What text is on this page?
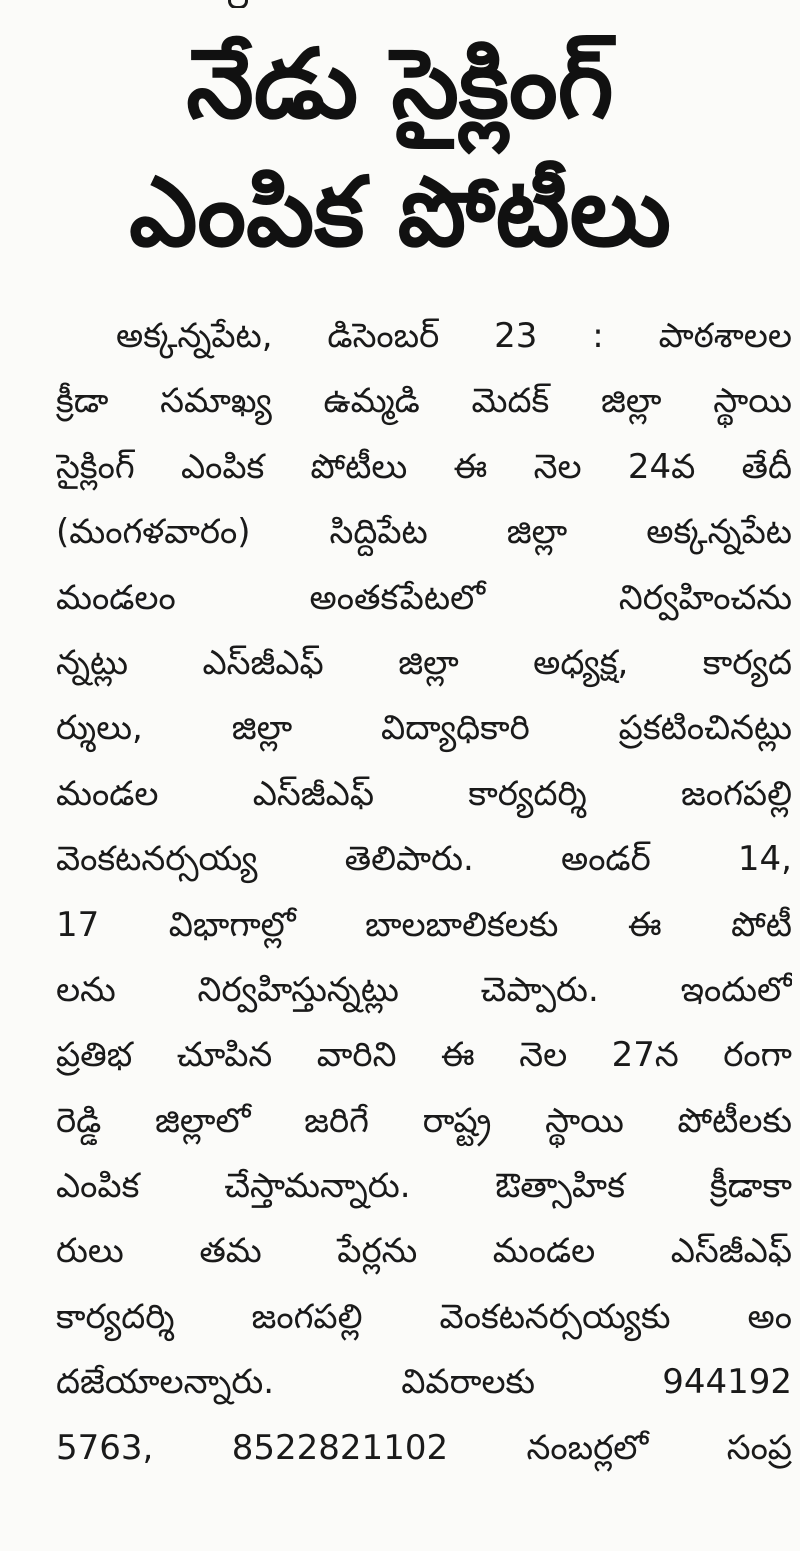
నేడు సైక్లింగ్
ఎంపిక పోటీలు
అక్కన్నపేట, డిసెంబర్ 23 : పాఠశాలల
క్రీడా సమాఖ్య ఉమ్మడి మెదక్ జిల్లా స్థాయి
సైక్లింగ్ ఎంపిక పోటీలు ఈ నెల 24వ తేదీ
(మంగళవారం) సిద్దిపేట జిల్లా అక్కన్నపేట
మండలం అంతకపేటలో నిర్వహించను
న్నట్లు ఎస్‌జీఎఫ్ జిల్లా అధ్యక్ష, కార్యద
ర్శులు, జిల్లా విద్యాధికారి ప్రకటించినట్లు
మండల ఎస్‌జీఎఫ్ కార్యదర్శి జంగపల్లి
వెంకటనర్సయ్య తెలిపారు. అండర్ 14,
17 విభాగాల్లో బాలబాలికలకు ఈ పోటీ
లను నిర్వహిస్తున్నట్లు చెప్పారు. ఇందులో
ప్రతిభ చూపిన వారిని ఈ నెల 27న రంగా
రెడ్డి జిల్లాలో జరిగే రాష్ట్ర స్థాయి పోటీలకు
ఎంపిక చేస్తామన్నారు. ఔత్సాహిక క్రీడాకా
రులు తమ పేర్లను మండల ఎస్‌జీఎఫ్
కార్యదర్శి జంగపల్లి వెంకటనర్సయ్యకు అం
దజేయాలన్నారు. వివరాలకు 944192
5763, 8522821102 నంబర్లలో సంప్ర
